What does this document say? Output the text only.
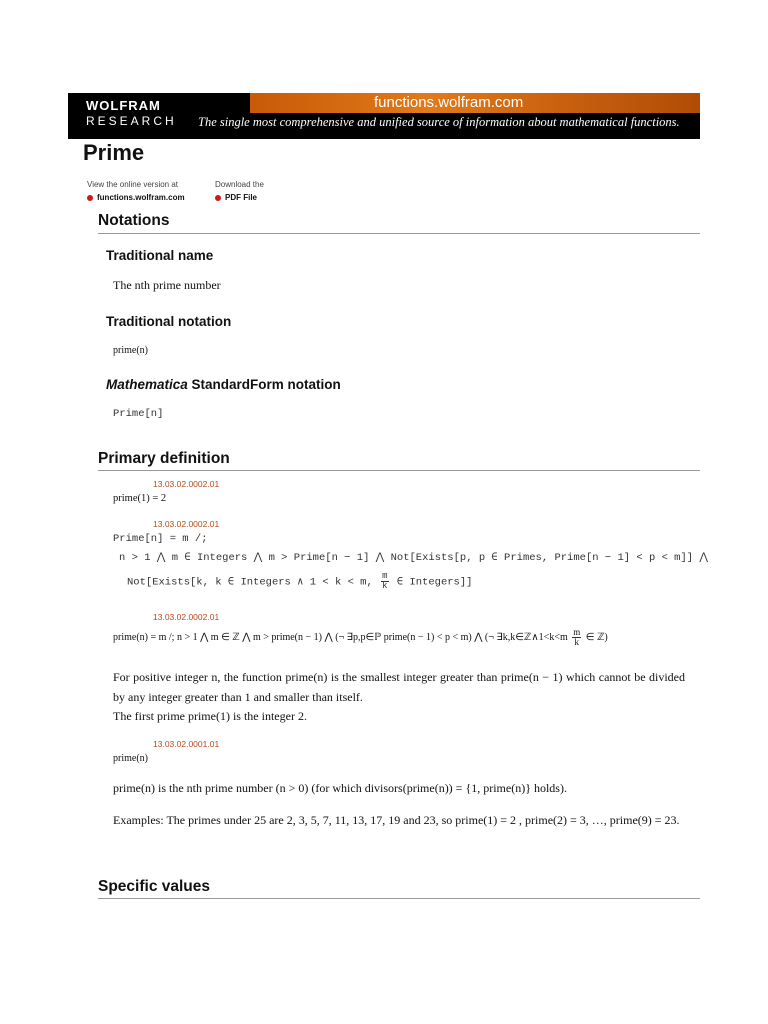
WOLFRAM
RESEARCH
functions.wolfram.com
The single most comprehensive and unified source of information about mathematical functions.
Prime
View the online version at
functions.wolfram.com
Download the
PDF File
Notations
Traditional name
The nth prime number
Traditional notation
prime(n)
Mathematica StandardForm notation
Prime[n]
Primary definition
13.03.02.0002.01
prime(1) = 2
13.03.02.0002.01
Prime[n] = m /;
n > 1 ⋀ m ∈ Integers ⋀ m > Prime[n − 1] ⋀ Not[Exists[p, p ∈ Primes, Prime[n − 1] < p < m]] ⋀
Not[Exists[k, k ∈ Integers ∧ 1 < k < m, $\frac{m}{k}$ ∈ Integers]]
13.03.02.0002.01
prime(n) = m /; n > 1 ⋀ m ∈ ℤ ⋀ m > prime(n − 1) ⋀ (¬ ∃p,p∈ℙ prime(n − 1) < p < m) ⋀ (¬ ∃k,k∈ℤ∧1<k<m $\frac{m}{k}$ ∈ ℤ)
For positive integer n, the function prime(n) is the smallest integer greater than prime(n − 1) which cannot be divided by any integer greater than 1 and smaller than itself.
The first prime prime(1) is the integer 2.
13.03.02.0001.01
prime(n)
prime(n) is the nth prime number (n > 0) (for which divisors(prime(n)) = {1, prime(n)} holds).
Examples: The primes under 25 are 2, 3, 5, 7, 11, 13, 17, 19 and 23, so prime(1) = 2 , prime(2) = 3, …, prime(9) = 23.
Specific values
